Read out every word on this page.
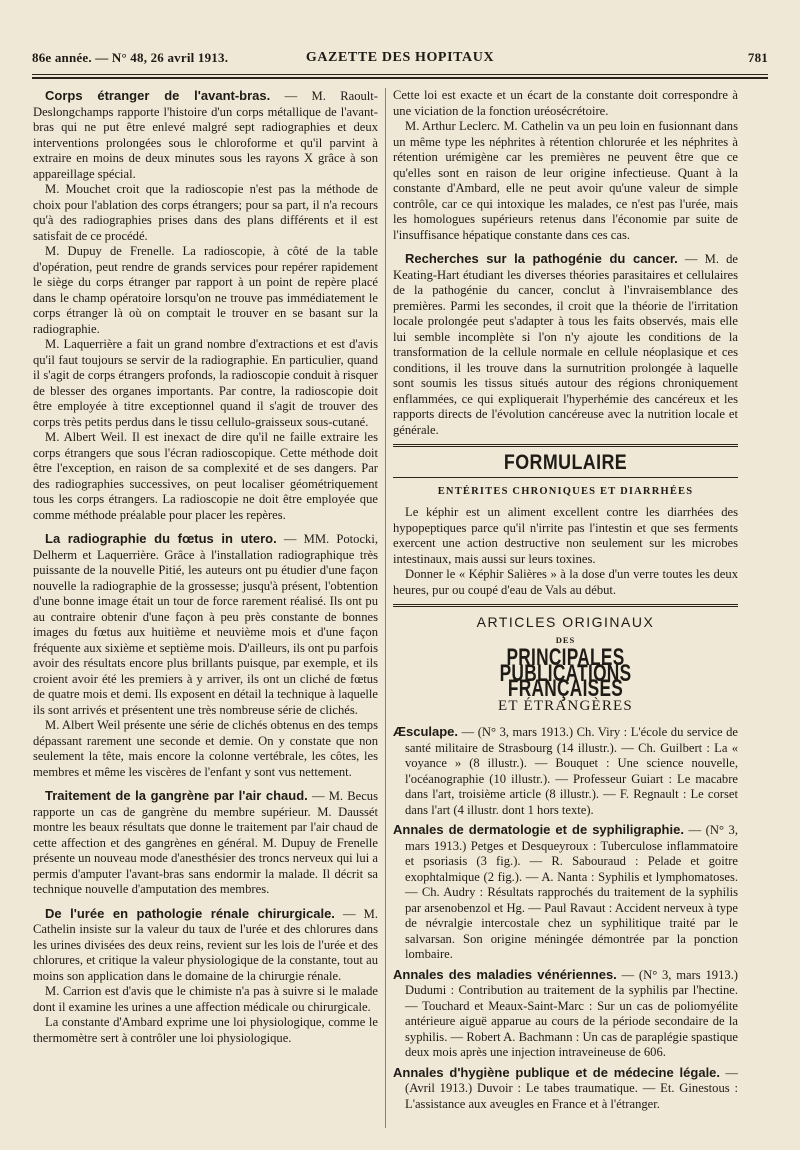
86e année. — N° 48, 26 avril 1913.	GAZETTE DES HOPITAUX	781

Corps étranger de l'avant-bras. — M. Raoult-Deslongchamps rapporte l'histoire d'un corps métallique de l'avant-bras qui ne put être enlevé malgré sept radiographies et deux interventions prolongées sous le chloroforme et qu'il parvint à extraire en moins de deux minutes sous les rayons X grâce à son appareillage spécial.

M. Mouchet croit que la radioscopie n'est pas la méthode de choix pour l'ablation des corps étrangers; pour sa part, il n'a recours qu'à des radiographies prises dans des plans différents et il est satisfait de ce procédé.

M. Dupuy de Frenelle. La radioscopie, à côté de la table d'opération, peut rendre de grands services pour repérer rapidement le siège du corps étranger par rapport à un point de repère placé dans le champ opératoire lorsqu'on ne trouve pas immédiatement le corps étranger là où on comptait le trouver en se basant sur la radiographie.

M. Laquerrière a fait un grand nombre d'extractions et est d'avis qu'il faut toujours se servir de la radiographie. En particulier, quand il s'agit de corps étrangers profonds, la radioscopie conduit à risquer de blesser des organes importants. Par contre, la radioscopie doit être employée à titre exceptionnel quand il s'agit de trouver des corps très petits perdus dans le tissu cellulo-graisseux sous-cutané.

M. Albert Weil. Il est inexact de dire qu'il ne faille extraire les corps étrangers que sous l'écran radioscopique. Cette méthode doit être l'exception, en raison de sa complexité et de ses dangers. Par des radiographies successives, on peut localiser géométriquement tous les corps étrangers. La radioscopie ne doit être employée que comme méthode préalable pour placer les repères.

La radiographie du fœtus in utero. — MM. Potocki, Delherm et Laquerrière. Grâce à l'installation radiographique très puissante de la nouvelle Pitié, les auteurs ont pu étudier d'une façon nouvelle la radiographie de la grossesse; jusqu'à présent, l'obtention d'une bonne image était un tour de force rarement réalisé. Ils ont pu au contraire obtenir d'une façon à peu près constante de bonnes images du fœtus aux huitième et neuvième mois et d'une façon fréquente aux sixième et septième mois. D'ailleurs, ils ont pu parfois avoir des résultats encore plus brillants puisque, par exemple, et ils croient avoir été les premiers à y arriver, ils ont un cliché de fœtus de quatre mois et demi. Ils exposent en détail la technique à laquelle ils sont arrivés et présentent une très nombreuse série de clichés.

M. Albert Weil présente une série de clichés obtenus en des temps dépassant rarement une seconde et demie. On y constate que non seulement la tête, mais encore la colonne vertébrale, les côtes, les membres et même les viscères de l'enfant y sont vus nettement.

Traitement de la gangrène par l'air chaud. — M. Becus rapporte un cas de gangrène du membre supérieur. M. Daussét montre les beaux résultats que donne le traitement par l'air chaud de cette affection et des gangrènes en général. M. Dupuy de Frenelle présente un nouveau mode d'anesthésier des troncs nerveux qui lui a permis d'amputer l'avant-bras sans endormir la malade. Il décrit sa technique nouvelle d'amputation des membres.

De l'urée en pathologie rénale chirurgicale. — M. Cathelin insiste sur la valeur du taux de l'urée et des chlorures dans les urines divisées des deux reins, revient sur les lois de l'urée et des chlorures, et critique la valeur physiologique de la constante, tout au moins son application dans le domaine de la chirurgie rénale.

M. Carrion est d'avis que le chimiste n'a pas à suivre si le malade dont il examine les urines a une affection médicale ou chirurgicale.

La constante d'Ambard exprime une loi physiologique, comme le thermomètre sert à contrôler une loi physiologique.

Cette loi est exacte et un écart de la constante doit correspondre à une viciation de la fonction uréosécrétoire.

M. Arthur Leclerc. M. Cathelin va un peu loin en fusionnant dans un même type les néphrites à rétention chlorurée et les néphrites à rétention urémigène car les premières ne peuvent être que ce qu'elles sont en raison de leur origine infectieuse. Quant à la constante d'Ambard, elle ne peut avoir qu'une valeur de simple contrôle, car ce qui intoxique les malades, ce n'est pas l'urée, mais les homologues supérieurs retenus dans l'économie par suite de l'insuffisance hépatique constante dans ces cas.

Recherches sur la pathogénie du cancer. — M. de Keating-Hart étudiant les diverses théories parasitaires et cellulaires de la pathogénie du cancer, conclut à l'invraisemblance des premières. Parmi les secondes, il croit que la théorie de l'irritation locale prolongée peut s'adapter à tous les faits observés, mais elle lui semble incomplète si l'on n'y ajoute les conditions de la transformation de la cellule normale en cellule néoplasique et ces conditions, il les trouve dans la surnutrition prolongée à laquelle sont soumis les tissus situés autour des régions chroniquement enflammées, ce qui expliquerait l'hyperhémie des cancéreux et les rapports directs de l'évolution cancéreuse avec la nutrition locale et générale.

FORMULAIRE
ENTÉRITES CHRONIQUES ET DIARRHÉES

Le képhir est un aliment excellent contre les diarrhées des hypopeptiques parce qu'il n'irrite pas l'intestin et que ses ferments exercent une action destructive non seulement sur les microbes intestinaux, mais aussi sur leurs toxines.

Donner le « Képhir Salières » à la dose d'un verre toutes les deux heures, pur ou coupé d'eau de Vals au début.

ARTICLES ORIGINAUX
DES
PRINCIPALES PUBLICATIONS FRANÇAISES
ET ÉTRANGÈRES
Æsculape. — (N° 3, mars 1913.) Ch. Viry : L'école du service de santé militaire de Strasbourg (14 illustr.). — Ch. Guilbert : La « voyance » (8 illustr.). — Bouquet : Une science nouvelle, l'océanographie (10 illustr.). — Professeur Guiart : Le macabre dans l'art, troisième article (8 illustr.). — F. Regnault : Le corset dans l'art (4 illustr. dont 1 hors texte).
Annales de dermatologie et de syphiligraphie. — (N° 3, mars 1913.) Petges et Desqueyroux : Tuberculose inflammatoire et psoriasis (3 fig.). — R. Sabouraud : Pelade et goitre exophtalmique (2 fig.). — A. Nanta : Syphilis et lymphomatoses. — Ch. Audry : Résultats rapprochés du traitement de la syphilis par arsenobenzol et Hg. — Paul Ravaut : Accident nerveux à type de névralgie intercostale chez un syphilitique traité par le salvarsan. Son origine méningée démontrée par la ponction lombaire.
Annales des maladies vénériennes. — (N° 3, mars 1913.) Dudumi : Contribution au traitement de la syphilis par l'hectine. — Touchard et Meaux-Saint-Marc : Sur un cas de poliomyélite antérieure aiguë apparue au cours de la période secondaire de la syphilis. — Robert A. Bachmann : Un cas de paraplégie spastique deux mois après une injection intraveineuse de 606.
Annales d'hygiène publique et de médecine légale. — (Avril 1913.) Duvoir : Le tabes traumatique. — Et. Ginestous : L'assistance aux aveugles en France et à l'étranger.
